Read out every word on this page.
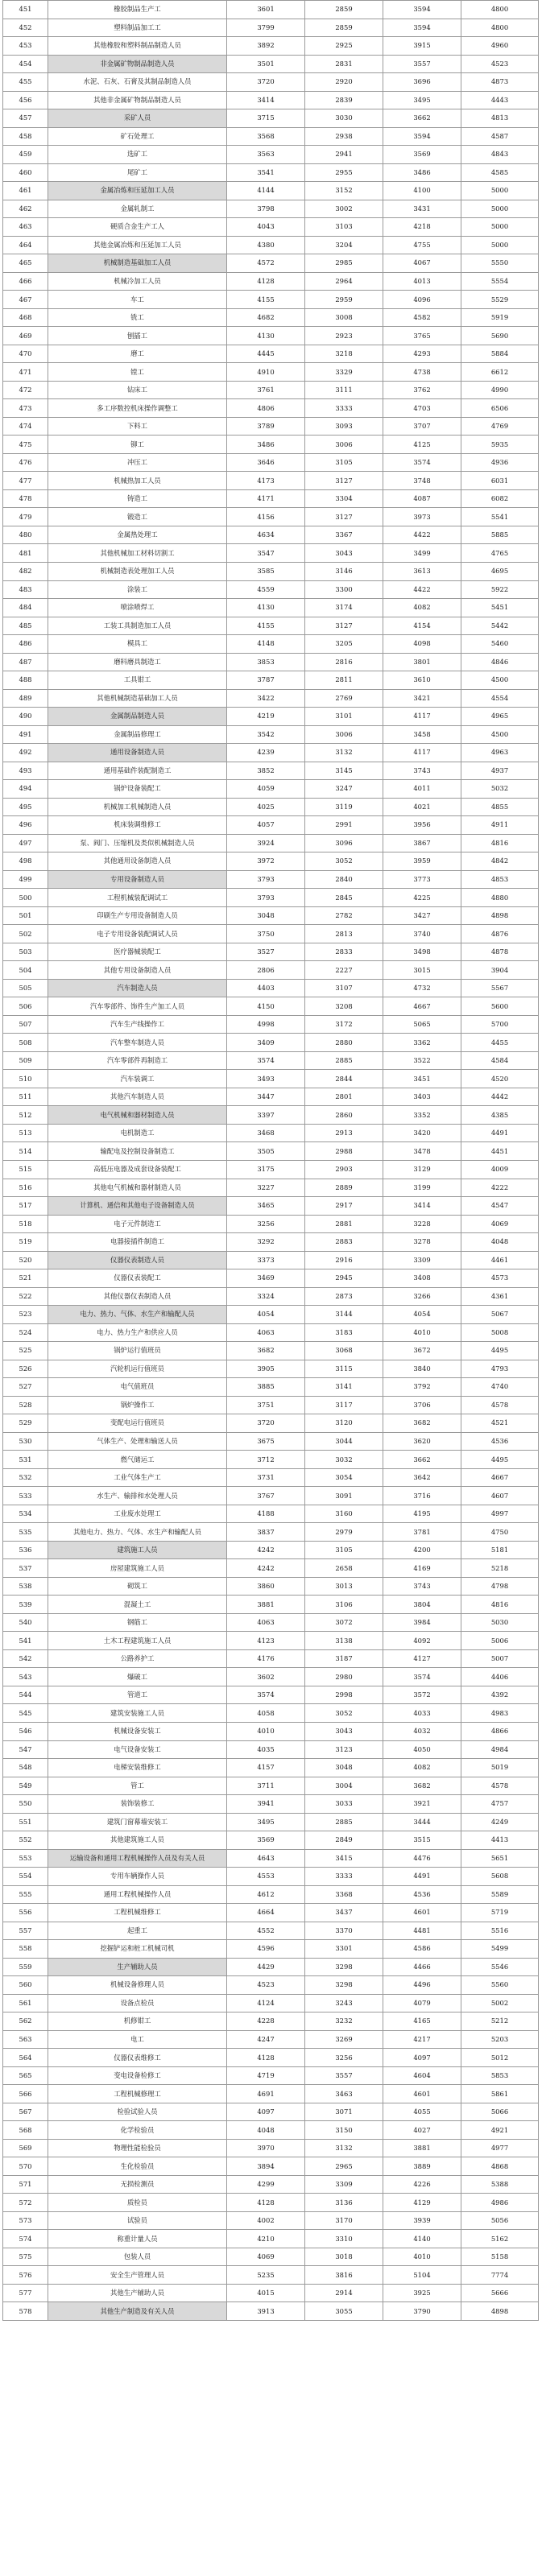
451	橡胶制品生产工	3601	2859	3594	4800
452	塑料制品加工工	3799	2859	3594	4800
453	其他橡胶和塑料制品制造人员	3892	2925	3915	4960
454	非金属矿物制品制造人员	3501	2831	3557	4523
455	水泥、石灰、石膏及其制品制造人员	3720	2920	3696	4873
456	其他非金属矿物制品制造人员	3414	2839	3495	4443
457	采矿人员	3715	3030	3662	4813
458	矿石处理工	3568	2938	3594	4587
459	选矿工	3563	2941	3569	4843
460	尾矿工	3541	2955	3486	4585
461	金属冶炼和压延加工人员	4144	3152	4100	5000
462	金属轧制工	3798	3002	3431	5000
463	硬质合金生产工人	4043	3103	4218	5000
464	其他金属冶炼和压延加工人员	4380	3204	4755	5000
465	机械制造基础加工人员	4572	2985	4067	5550
466	机械冷加工人员	4128	2964	4013	5554
467	车工	4155	2959	4096	5529
468	铣工	4682	3008	4582	5919
469	刨插工	4130	2923	3765	5690
470	磨工	4445	3218	4293	5884
471	镗工	4910	3329	4738	6612
472	钻床工	3761	3111	3762	4990
473	多工序数控机床操作调整工	4806	3333	4703	6506
474	下料工	3789	3093	3707	4769
475	铆工	3486	3006	4125	5935
476	冲压工	3646	3105	3574	4936
477	机械热加工人员	4173	3127	3748	6031
478	铸造工	4171	3304	4087	6082
479	锻造工	4156	3127	3973	5541
480	金属热处理工	4634	3367	4422	5885
481	其他机械加工材料切割工	3547	3043	3499	4765
482	机械制造表处理加工人员	3585	3146	3613	4695
483	涂装工	4559	3300	4422	5922
484	喷涂喷焊工	4130	3174	4082	5451
485	工装工具制造加工人员	4155	3127	4154	5442
486	模具工	4148	3205	4098	5460
487	磨料磨具制造工	3853	2816	3801	4846
488	工具钳工	3787	2811	3610	4500
489	其他机械制造基础加工人员	3422	2769	3421	4554
490	金属制品制造人员	4219	3101	4117	4965
491	金属制品修理工	3542	3006	3458	4500
492	通用设备制造人员	4239	3132	4117	4963
493	通用基础件装配制造工	3852	3145	3743	4937
494	锅炉设备装配工	4059	3247	4011	5032
495	机械加工机械制造人员	4025	3119	4021	4855
496	机床装调维修工	4057	2991	3956	4911
497	泵、阀门、压缩机及类似机械制造人员	3924	3096	3867	4816
498	其他通用设备制造人员	3972	3052	3959	4842
499	专用设备制造人员	3793	2840	3773	4853
500	工程机械装配调试工	3793	2845	4225	4880
501	印刷生产专用设备制造人员	3048	2782	3427	4898
502	电子专用设备装配调试人员	3750	2813	3740	4876
503	医疗器械装配工	3527	2833	3498	4878
504	其他专用设备制造人员	2806	2227	3015	3904
505	汽车制造人员	4403	3107	4732	5567
506	汽车零部件、饰件生产加工人员	4150	3208	4667	5600
507	汽车生产线操作工	4998	3172	5065	5700
508	汽车整车制造人员	3409	2880	3362	4455
509	汽车零部件再制造工	3574	2885	3522	4584
510	汽车装调工	3493	2844	3451	4520
511	其他汽车制造人员	3447	2801	3403	4442
512	电气机械和器材制造人员	3397	2860	3352	4385
513	电机制造工	3468	2913	3420	4491
514	输配电及控制设备制造工	3505	2988	3478	4451
515	高低压电器及成套设备装配工	3175	2903	3129	4009
516	其他电气机械和器材制造人员	3227	2889	3199	4222
517	计算机、通信和其他电子设备制造人员	3465	2917	3414	4547
518	电子元件制造工	3256	2881	3228	4069
519	电器接插件制造工	3292	2883	3278	4048
520	仪器仪表制造人员	3373	2916	3309	4461
521	仪器仪表装配工	3469	2945	3408	4573
522	其他仪器仪表制造人员	3324	2873	3266	4361
523	电力、热力、气体、水生产和输配人员	4054	3144	4054	5067
524	电力、热力生产和供应人员	4063	3183	4010	5008
525	锅炉运行值班员	3682	3068	3672	4495
526	汽轮机运行值班员	3905	3115	3840	4793
527	电气值班员	3885	3141	3792	4740
528	锅炉操作工	3751	3117	3706	4578
529	变配电运行值班员	3720	3120	3682	4521
530	气体生产、处理和输送人员	3675	3044	3620	4536
531	燃气储运工	3712	3032	3662	4495
532	工业气体生产工	3731	3054	3642	4667
533	水生产、输排和水处理人员	3767	3091	3716	4607
534	工业废水处理工	4188	3160	4195	4997
535	其他电力、热力、气体、水生产和输配人员	3837	2979	3781	4750
536	建筑施工人员	4242	3105	4200	5181
537	房屋建筑施工人员	4242	2658	4169	5218
538	砌筑工	3860	3013	3743	4798
539	混凝土工	3881	3106	3804	4816
540	钢筋工	4063	3072	3984	5030
541	土木工程建筑施工人员	4123	3138	4092	5006
542	公路养护工	4176	3187	4127	5007
543	爆破工	3602	2980	3574	4406
544	管道工	3574	2998	3572	4392
545	建筑安装施工人员	4058	3052	4033	4983
546	机械设备安装工	4010	3043	4032	4866
547	电气设备安装工	4035	3123	4050	4984
548	电梯安装维修工	4157	3048	4082	5019
549	管工	3711	3004	3682	4578
550	装饰装修工	3941	3033	3921	4757
551	建筑门窗幕墙安装工	3495	2885	3444	4249
552	其他建筑施工人员	3569	2849	3515	4413
553	运输设备和通用工程机械操作人员及有关人员	4643	3415	4476	5651
554	专用车辆操作人员	4553	3333	4491	5608
555	通用工程机械操作人员	4612	3368	4536	5589
556	工程机械维修工	4664	3437	4601	5719
557	起重工	4552	3370	4481	5516
558	挖掘铲运和桩工机械司机	4596	3301	4586	5499
559	生产辅助人员	4429	3298	4466	5546
560	机械设备修理人员	4523	3298	4496	5560
561	设备点检员	4124	3243	4079	5002
562	机修钳工	4228	3232	4165	5212
563	电工	4247	3269	4217	5203
564	仪器仪表维修工	4128	3256	4097	5012
565	变电设备检修工	4719	3557	4604	5853
566	工程机械修理工	4691	3463	4601	5861
567	检验试验人员	4097	3071	4055	5066
568	化学检验员	4048	3150	4027	4921
569	物理性能检验员	3970	3132	3881	4977
570	生化检验员	3894	2965	3889	4868
571	无损检测员	4299	3309	4226	5388
572	质检员	4128	3136	4129	4986
573	试验员	4002	3170	3939	5056
574	称重计量人员	4210	3310	4140	5162
575	包装人员	4069	3018	4010	5158
576	安全生产管理人员	5235	3816	5104	7774
577	其他生产辅助人员	4015	2914	3925	5666
578	其他生产制造及有关人员	3913	3055	3790	4898
